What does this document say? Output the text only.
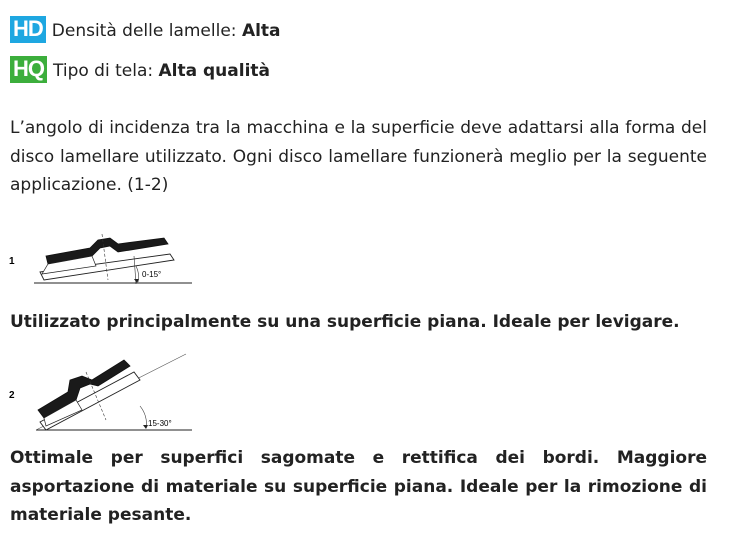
HD Densità delle lamelle: Alta
HQ Tipo di tela: Alta qualità

L’angolo di incidenza tra la macchina e la superficie deve adattarsi alla forma del disco lamellare utilizzato. Ogni disco lamellare funzionerà meglio per la seguente applicazione. (1-2)

1
0-15°

Utilizzato principalmente su una superficie piana. Ideale per levigare.

2
15-30°

Ottimale per superfici sagomate e rettifica dei bordi. Maggiore asportazione di materiale su superficie piana. Ideale per la rimozione di materiale pesante.
